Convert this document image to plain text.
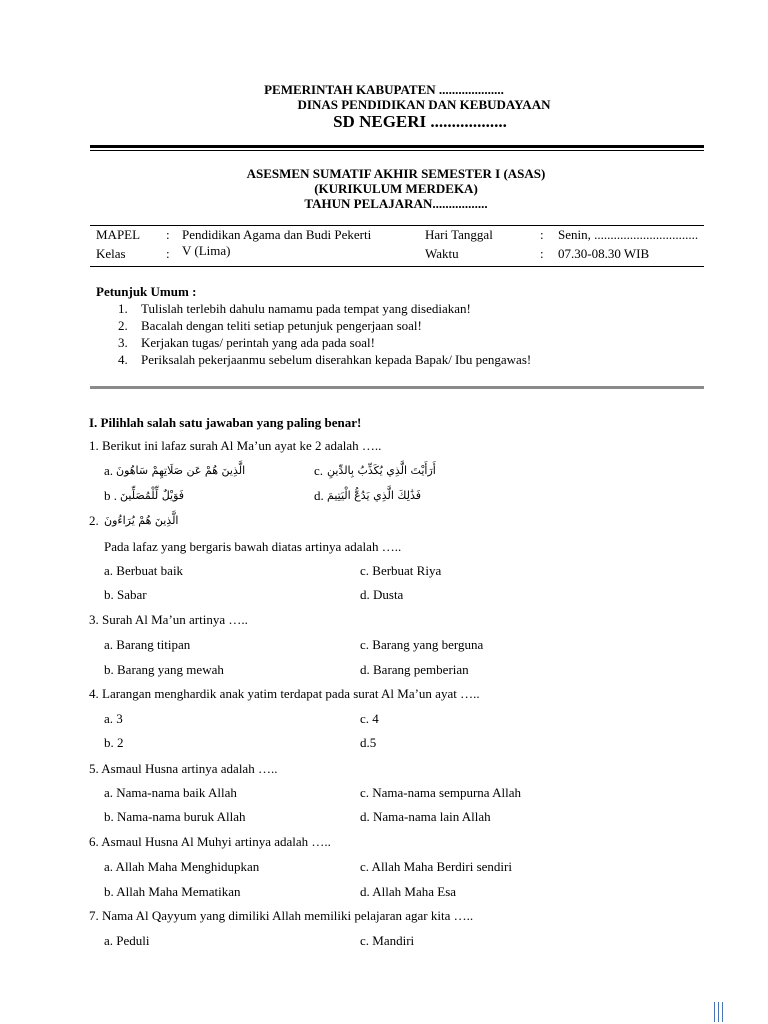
PEMERINTAH KABUPATEN ....................
DINAS PENDIDIKAN DAN KEBUDAYAAN
SD NEGERI ..................
ASESMEN SUMATIF AKHIR SEMESTER I (ASAS)
(KURIKULUM MERDEKA)
TAHUN PELAJARAN.................
MAPEL : Pendidikan Agama dan Budi Pekerti	Hari Tanggal	: Senin, ................................
Kelas	: V (Lima)	Waktu	: 07.30-08.30 WIB
Petunjuk Umum :
1. Tulislah terlebih dahulu namamu pada tempat yang disediakan!
2. Bacalah dengan teliti setiap petunjuk pengerjaan soal!
3. Kerjakan tugas/ perintah yang ada pada soal!
4. Periksalah pekerjaanmu sebelum diserahkan kepada Bapak/ Ibu pengawas!
I. Pilihlah salah satu jawaban yang paling benar!
1. Berikut ini lafaz surah Al Ma’un ayat ke 2 adalah …..
a. الَّذِينَ هُمْ عَن صَلَاتِهِمْ سَاهُونَ
b . فَوَيْلٌ لِّلْمُصَلِّينَ
c. أَرَأَيْتَ الَّذِي يُكَذِّبُ بِالدِّينِ
d. فَذَٰلِكَ الَّذِي يَدُعُّ الْيَتِيمَ
2. الَّذِينَ هُمْ يُرَاءُونَ
Pada lafaz yang bergaris bawah diatas artinya adalah …..
a. Berbuat baik	c. Berbuat Riya
b. Sabar	d. Dusta
3. Surah Al Ma’un artinya …..
a. Barang titipan	c. Barang yang berguna
b. Barang yang mewah	d. Barang pemberian
4. Larangan menghardik anak yatim terdapat pada surat Al Ma’un ayat …..
a. 3	c. 4
b. 2	d.5
5. Asmaul Husna artinya adalah …..
a. Nama-nama baik Allah	c. Nama-nama sempurna Allah
b. Nama-nama buruk Allah	d. Nama-nama lain Allah
6. Asmaul Husna Al Muhyi artinya adalah …..
a. Allah Maha Menghidupkan	c. Allah Maha Berdiri sendiri
b. Allah Maha Mematikan	d. Allah Maha Esa
7. Nama Al Qayyum yang dimiliki Allah memiliki pelajaran agar kita …..
a. Peduli	c. Mandiri
